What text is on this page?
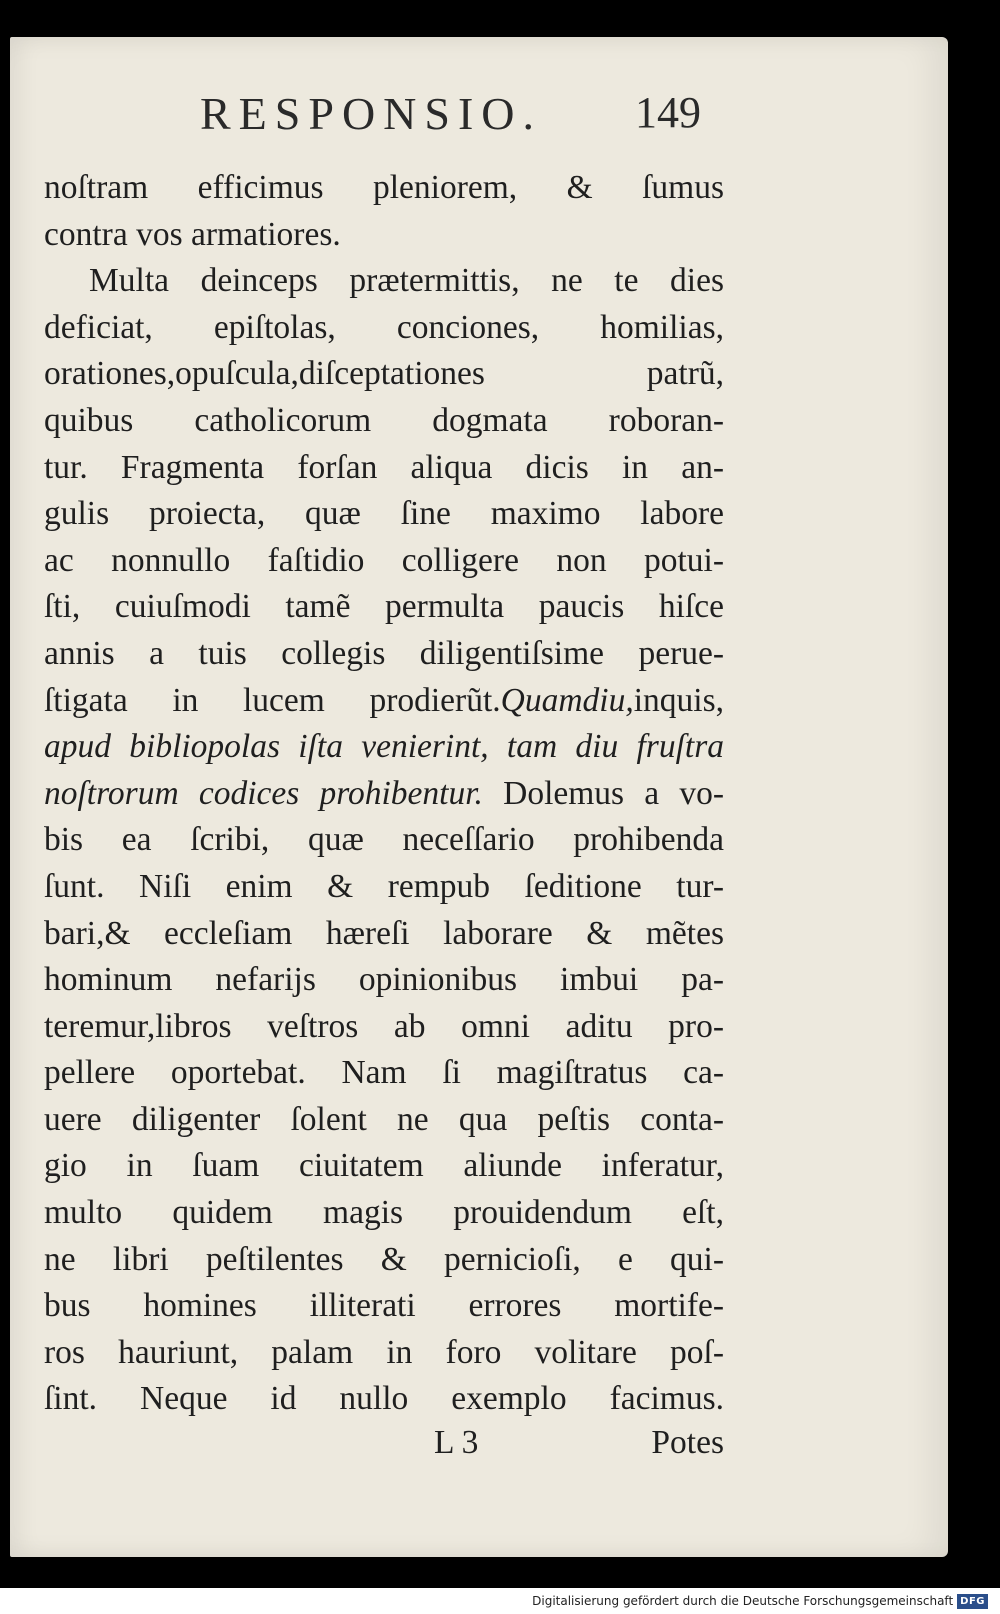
RESPONSIO. 149
noſtram efficimus pleniorem, & ſumus
contra vos armatiores.
Multa deinceps prætermittis, ne te dies
deficiat, epiſtolas, conciones, homilias,
orationes,opuſcula,diſceptationes patrũ,
quibus catholicorum dogmata roboran-
tur. Fragmenta forſan aliqua dicis in an-
gulis proiecta, quæ ſine maximo labore
ac nonnullo faſtidio colligere non potui-
ſti, cuiuſmodi tamẽ permulta paucis hiſce
annis a tuis collegis diligentiſsime perue-
ſtigata in lucem prodierũt.Quamdiu,inquis,
apud bibliopolas iſta venierint, tam diu fruſtra
noſtrorum codices prohibentur. Dolemus a vo-
bis ea ſcribi, quæ neceſſario prohibenda
ſunt. Niſi enim & rempub ſeditione tur-
bari,& eccleſiam hæreſi laborare & mẽtes
hominum nefarijs opinionibus imbui pa-
teremur,libros veſtros ab omni aditu pro-
pellere oportebat. Nam ſi magiſtratus ca-
uere diligenter ſolent ne qua peſtis conta-
gio in ſuam ciuitatem aliunde inferatur,
multo quidem magis prouidendum eſt,
ne libri peſtilentes & pernicioſi, e qui-
bus homines illiterati errores mortife-
ros hauriunt, palam in foro volitare poſ-
ſint. Neque id nullo exemplo facimus.
L 3	Potes
Digitalisierung gefördert durch die Deutsche Forschungsgemeinschaft DFG
